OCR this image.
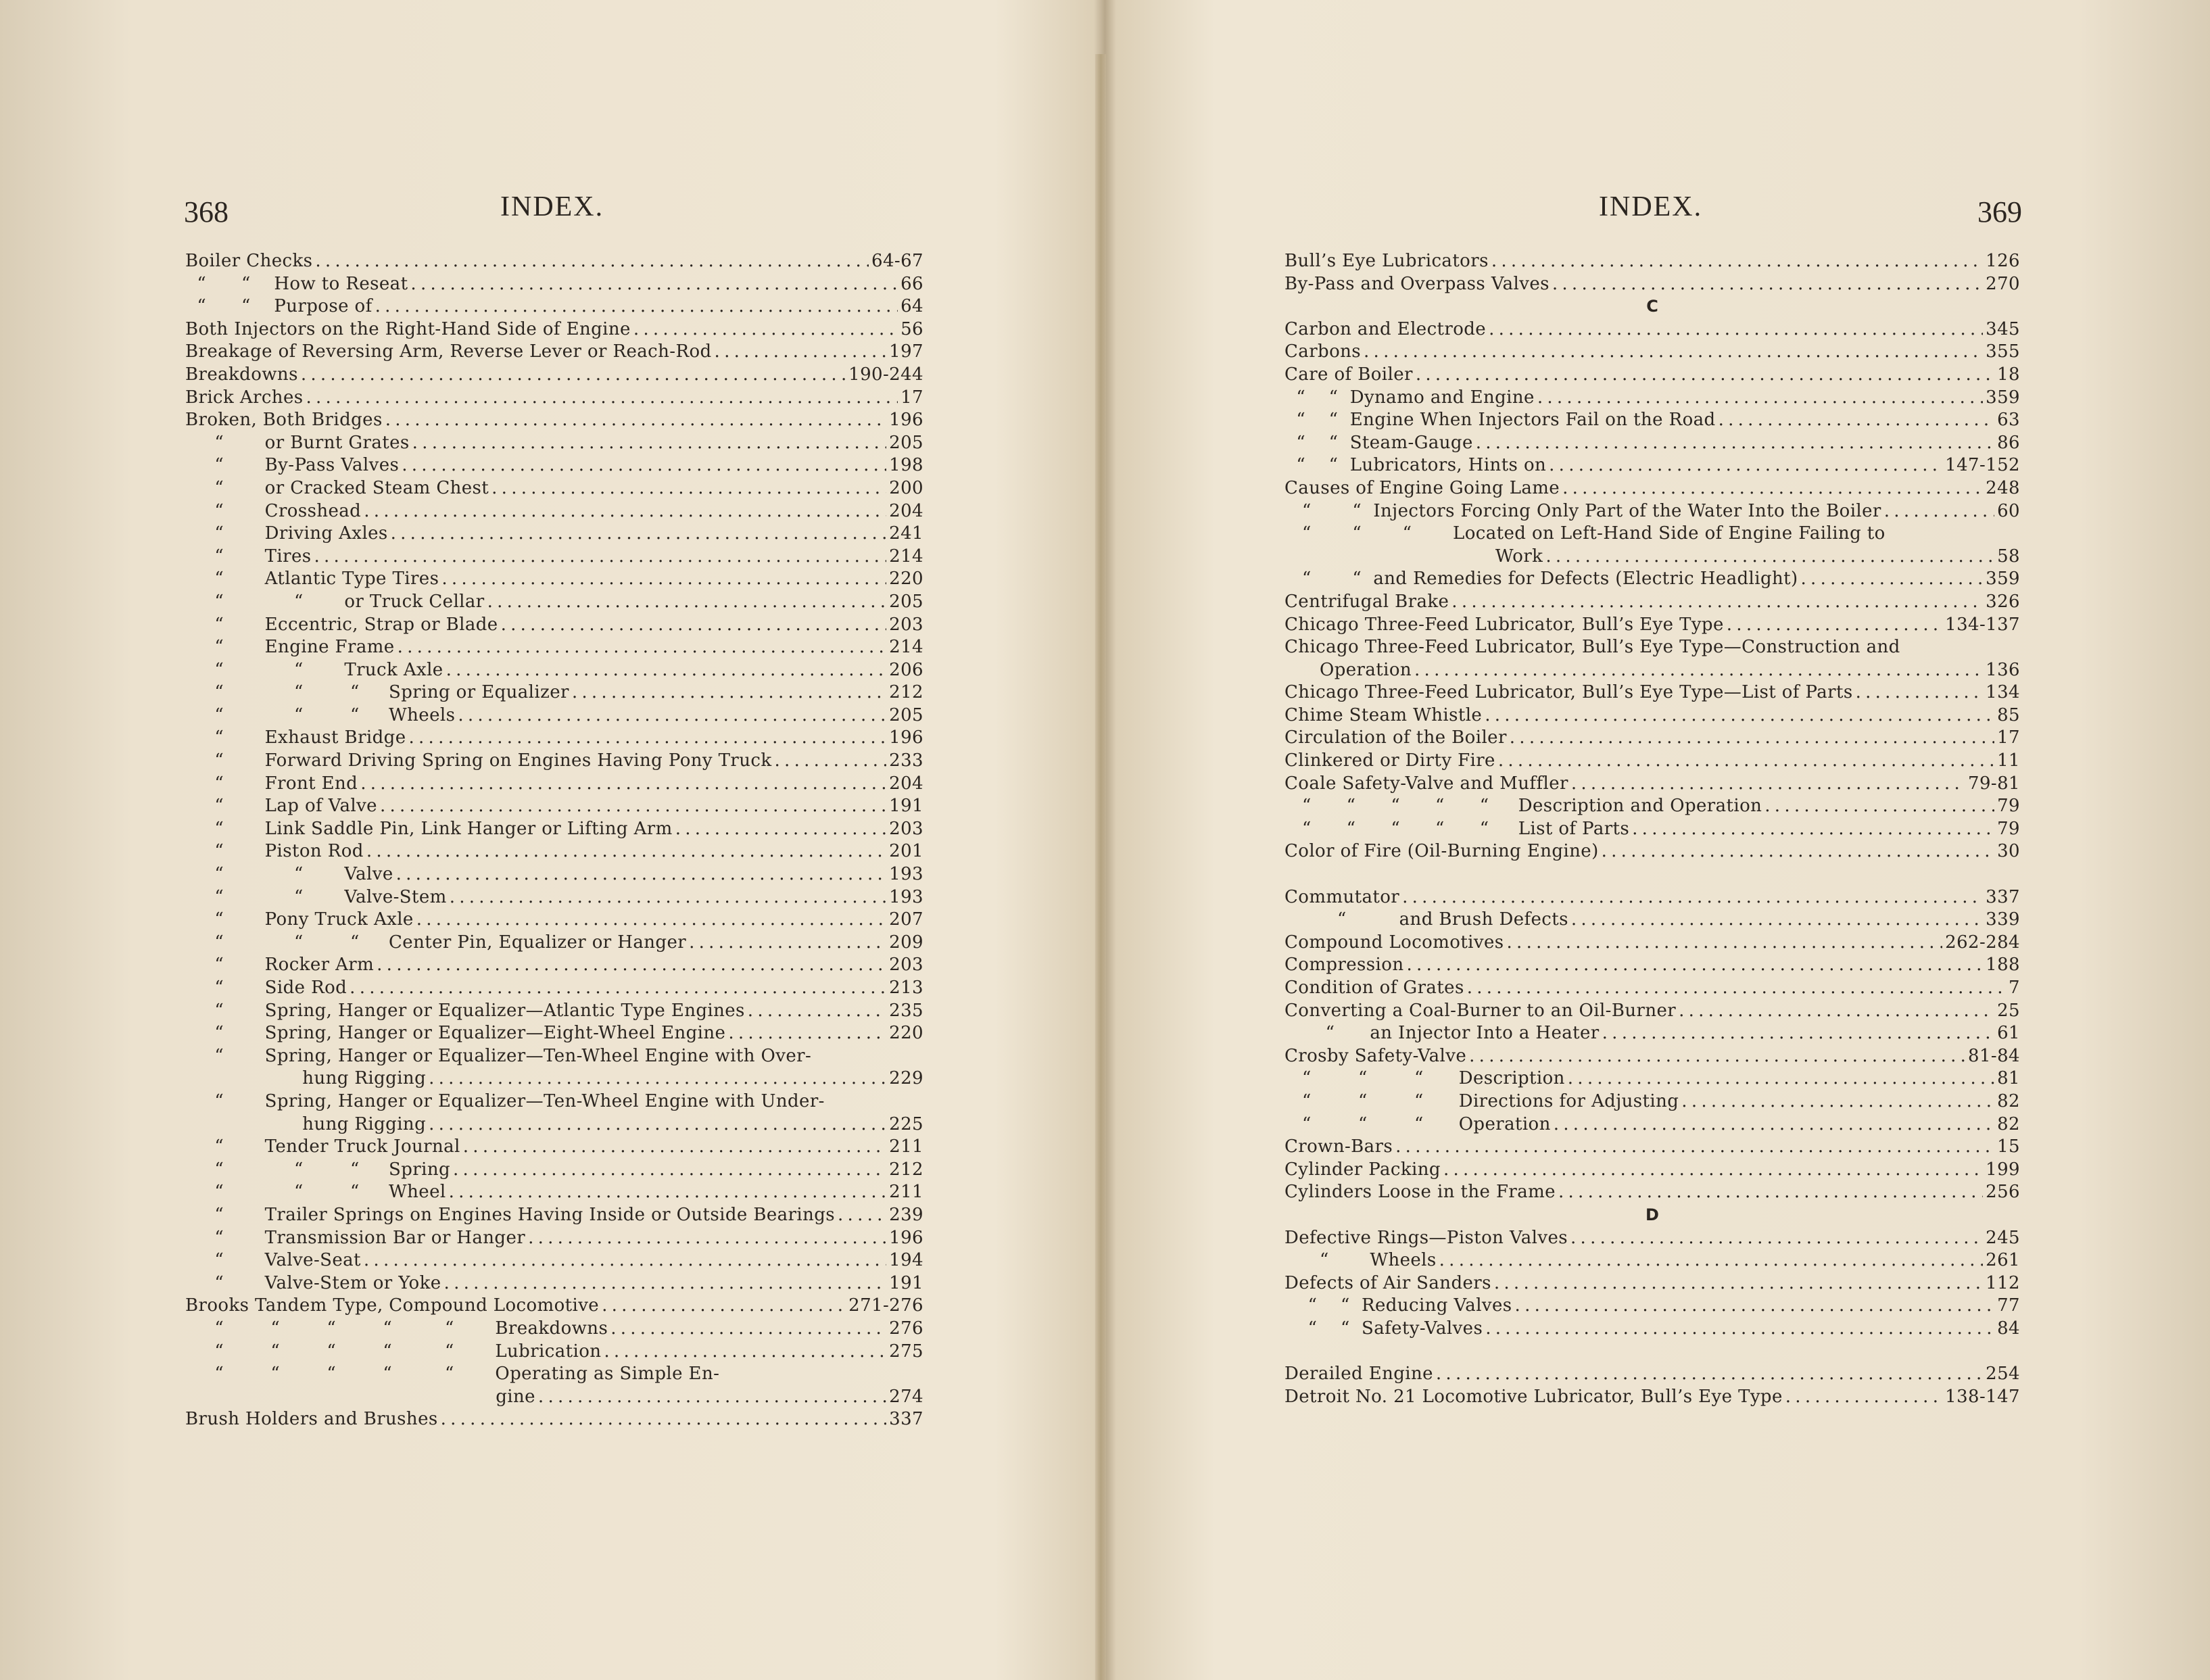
368	INDEX.
Boiler Checks . . .	64-67
“      “    How to Reseat . . .	66
“      “    Purpose of . . .	64
Both Injectors on the Right-Hand Side of Engine . . .	56
Breakage of Reversing Arm, Reverse Lever or Reach-Rod . . .	197
Breakdowns . . .	190-244
Brick Arches . . .	17
Broken, Both Bridges . . .	196
“       or Burnt Grates . . .	205
“       By-Pass Valves . . .	198
“       or Cracked Steam Chest . . .	200
“       Crosshead . . .	204
“       Driving Axles . . .	241
“       Tires . . .	214
“       Atlantic Type Tires . . .	220
“            “       or Truck Cellar . . .	205
“       Eccentric, Strap or Blade . . .	203
“       Engine Frame . . .	214
“            “       Truck Axle . . .	206
“            “        “     Spring or Equalizer . . .	212
“            “        “     Wheels . . .	205
“       Exhaust Bridge . . .	196
“       Forward Driving Spring on Engines Having Pony Truck . . .	233
“       Front End . . .	204
“       Lap of Valve . . .	191
“       Link Saddle Pin, Link Hanger or Lifting Arm . . .	203
“       Piston Rod . . .	201
“            “       Valve . . .	193
“            “       Valve-Stem . . .	193
“       Pony Truck Axle . . .	207
“            “        “     Center Pin, Equalizer or Hanger . . .	209
“       Rocker Arm . . .	203
“       Side Rod . . .	213
“       Spring, Hanger or Equalizer—Atlantic Type Engines . . .	235
“       Spring, Hanger or Equalizer—Eight-Wheel Engine . . .	220
“       Spring, Hanger or Equalizer—Ten-Wheel Engine with Over-
hung Rigging . . .	229
“       Spring, Hanger or Equalizer—Ten-Wheel Engine with Under-
hung Rigging . . .	225
“       Tender Truck Journal . . .	211
“            “        “     Spring . . .	212
“            “        “     Wheel . . .	211
“       Trailer Springs on Engines Having Inside or Outside Bearings . . .	239
“       Transmission Bar or Hanger . . .	196
“       Valve-Seat . . .	194
“       Valve-Stem or Yoke . . .	191
Brooks Tandem Type, Compound Locomotive . . .	271-276
“        “        “        “         “       Breakdowns . . .	276
“        “        “        “         “       Lubrication . . .	275
“        “        “        “         “       Operating as Simple En-
gine . . .	274
Brush Holders and Brushes . . .	337
369
INDEX.
Bull’s Eye Lubricators . . .	126
By-Pass and Overpass Valves . . .	270
C
Carbon and Electrode . . .	345
Carbons . . .	355
Care of Boiler . . .	18
“    “  Dynamo and Engine . . .	359
“    “  Engine When Injectors Fail on the Road . . .	63
“    “  Steam-Gauge . . .	86
“    “  Lubricators, Hints on . . .	147-152
Causes of Engine Going Lame . . .	248
“       “  Injectors Forcing Only Part of the Water Into the Boiler . . .	60
“       “       “       Located on Left-Hand Side of Engine Failing to
Work . . .	58
“       “  and Remedies for Defects (Electric Headlight) . . .	359
Centrifugal Brake . . .	326
Chicago Three-Feed Lubricator, Bull’s Eye Type . . .	134-137
Chicago Three-Feed Lubricator, Bull’s Eye Type—Construction and
Operation . . .	136
Chicago Three-Feed Lubricator, Bull’s Eye Type—List of Parts . . .	134
Chime Steam Whistle . . .	85
Circulation of the Boiler . . .	17
Clinkered or Dirty Fire . . .	11
Coale Safety-Valve and Muffler . . .	79-81
“      “      “      “      “     Description and Operation . . .	79
“      “      “      “      “     List of Parts . . .	79
Color of Fire (Oil-Burning Engine) . . .	30
Commutator . . .	337
“         and Brush Defects . . .	339
Compound Locomotives . . .	262-284
Compression . . .	188
Condition of Grates . . .	7
Converting a Coal-Burner to an Oil-Burner . . .	25
“      an Injector Into a Heater . . .	61
Crosby Safety-Valve . . .	81-84
“        “        “      Description . . .	81
“        “        “      Directions for Adjusting . . .	82
“        “        “      Operation . . .	82
Crown-Bars . . .	15
Cylinder Packing . . .	199
Cylinders Loose in the Frame . . .	256
D
Defective Rings—Piston Valves . . .	245
“       Wheels . . .	261
Defects of Air Sanders . . .	112
“    “  Reducing Valves . . .	77
“    “  Safety-Valves . . .	84
Derailed Engine . . .	254
Detroit No. 21 Locomotive Lubricator, Bull’s Eye Type . . .	138-147
